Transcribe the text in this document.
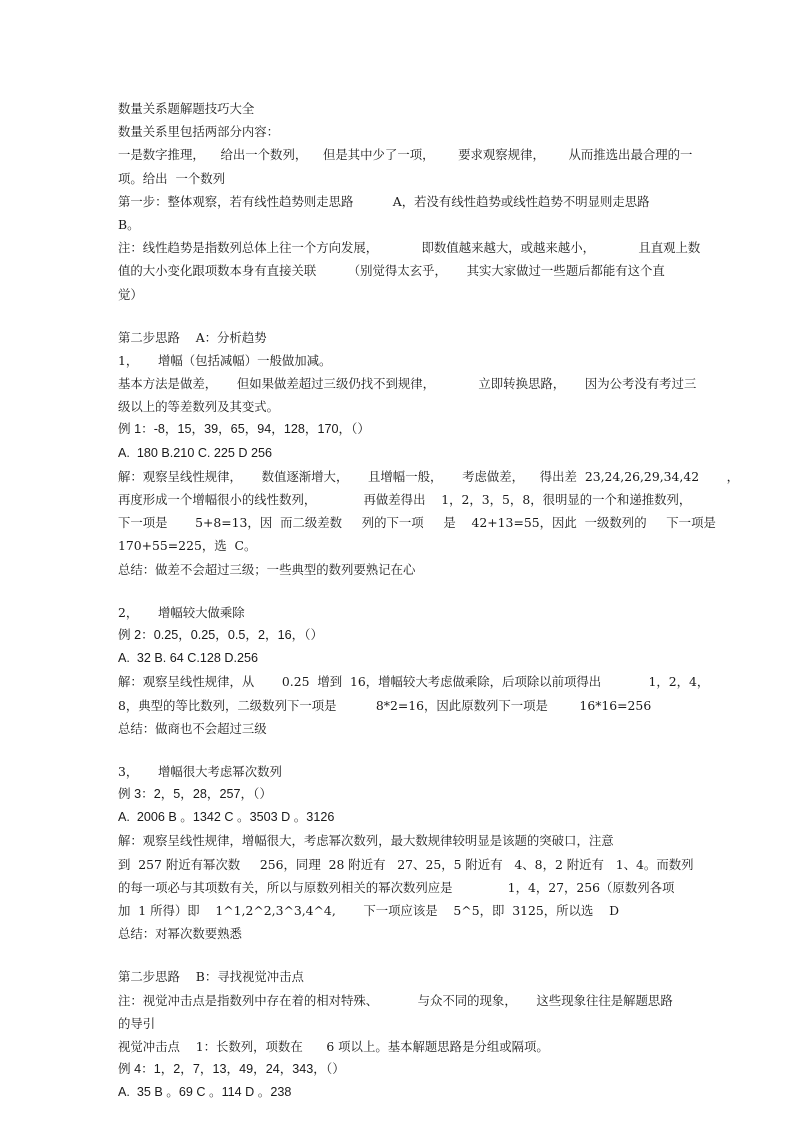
数量关系题解题技巧大全
数量关系里包括两部分内容：
一是数字推理，    给出一个数列，    但是其中少了一项，      要求观察规律，      从而推选出最合理的一
项。给出  一个数列
第一步：整体观察，若有线性趋势则走思路          A，若没有线性趋势或线性趋势不明显则走思路
B。
注：线性趋势是指数列总体上往一个方向发展，           即数值越来越大，或越来越小，           且直观上数
值的大小变化跟项数本身有直接关联        （别觉得太玄乎，     其实大家做过一些题后都能有这个直
觉）
第二步思路    A：分析趋势
1，     增幅（包括减幅）一般做加减。
基本方法是做差，     但如果做差超过三级仍找不到规律，           立即转换思路，     因为公考没有考过三
级以上的等差数列及其变式。
例 1：-8，15，39，65，94，128，170，（）
A.  180 B.210 C. 225 D 256
解：观察呈线性规律，     数值逐渐增大，     且增幅一般，     考虑做差，    得出差  23,24,26,29,34,42       ，
再度形成一个增幅很小的线性数列，            再做差得出    1，2，3，5，8，很明显的一个和递推数列，
下一项是       5+8=13，因  而二级差数     列的下一项     是    42+13=55，因此  一级数列的     下一项是
170+55=225，选  C。
总结：做差不会超过三级；一些典型的数列要熟记在心
2，     增幅较大做乘除
例 2：0.25，0.25，0.5，2，16，（）
A.  32 B. 64 C.128 D.256
解：观察呈线性规律，从       0.25  增到  16，增幅较大考虑做乘除，后项除以前项得出            1，2，4，
8，典型的等比数列，二级数列下一项是          8*2=16，因此原数列下一项是        16*16=256
总结：做商也不会超过三级
3，     增幅很大考虑幂次数列
例 3：2，5，28，257，（）
A.  2006 B 。1342 C 。3503 D 。3126
解：观察呈线性规律，增幅很大，考虑幂次数列，最大数规律较明显是该题的突破口，注意
到  257 附近有幂次数     256，同理  28 附近有   27、25，5 附近有   4、8，2 附近有   1、4。而数列
的每一项必与其项数有关，所以与原数列相关的幂次数列应是              1，4，27，256（原数列各项
加  1 所得）即    1^1,2^2,3^3,4^4,       下一项应该是    5^5，即  3125，所以选    D
总结：对幂次数要熟悉
第二步思路    B：寻找视觉冲击点
注：视觉冲击点是指数列中存在着的相对特殊、          与众不同的现象，     这些现象往往是解题思路
的导引
视觉冲击点    1：长数列，项数在      6 项以上。基本解题思路是分组或隔项。
例 4：1，2，7，13，49，24，343，（）
A.  35 B 。69 C 。114 D 。238
